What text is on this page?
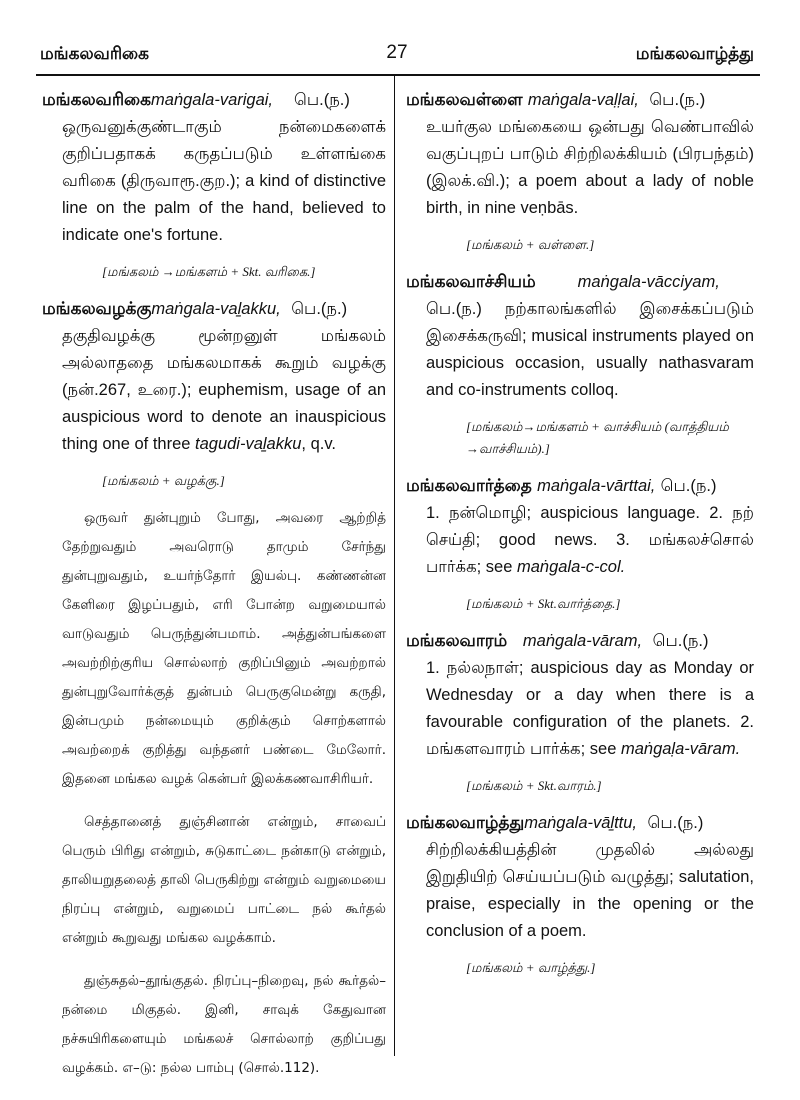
மங்கலவரிகை	27	மங்கலவாழ்த்து
மங்கலவரிகைmaṅgala-varigai, பெ.(ந.)
ஒருவனுக்குண்டாகும் நன்மைகளைக் குறிப்பதாகக் கருதப்படும் உள்ளங்கை வரிகை (திருவாரூ.குற.); a kind of distinctive line on the palm of the hand, believed to indicate one's fortune.
[மங்கலம் →மங்களம் + Skt. வரிகை.]
மங்கலவழக்குmaṅgala-vaḻakku, பெ.(ந.)
தகுதிவழக்கு மூன்றனுள் மங்கலம் அல்லாததை மங்கலமாகக் கூறும் வழக்கு (நன்.267, உரை.); euphemism, usage of an auspicious word to denote an inauspicious thing one of three tagudi-vaḻakku, q.v.
[மங்கலம் + வழக்கு.]

ஒருவர் துன்புறும் போது, அவரை ஆற்றித் தேற்றுவதும் அவரொடு தாமும் சேர்ந்து துன்புறுவதும், உயர்ந்தோர் இயல்பு. கண்ணன்ன கேளிரை இழப்பதும், எரி போன்ற வறுமையால் வாடுவதும் பெருந்துன்பமாம். அத்துன்பங்களை அவற்றிற்குரிய சொல்லாற் குறிப்பினும் அவற்றால் துன்புறுவோர்க்குத் துன்பம் பெருகுமென்று கருதி, இன்பமும் நன்மையும் குறிக்கும் சொற்களால் அவற்றைக் குறித்து வந்தனர் பண்டை மேலோர். இதனை மங்கல வழக் கென்பர் இலக்கணவாசிரியர்.

செத்தானைத் துஞ்சினான் என்றும், சாவைப் பெரும் பிரிது என்றும், சுடுகாட்டை நன்காடு என்றும், தாலியறுதலைத் தாலி பெருகிற்று என்றும் வறுமையை நிரப்பு என்றும், வறுமைப் பாட்டை நல் கூர்தல் என்றும் கூறுவது மங்கல வழக்காம்.

துஞ்சுதல்–தூங்குதல். நிரப்பு–நிறைவு, நல் கூர்தல்–நன்மை மிகுதல். இனி, சாவுக் கேதுவான நச்சுயிரிகளையும் மங்கலச் சொல்லாற் குறிப்பது வழக்கம். எ–டு: நல்ல பாம்பு (சொல்.112).

மங்கலவள்ளை maṅgala-vaḷḷai, பெ.(ந.)
உயர்குல மங்கையை ஒன்பது வெண்பாவில் வகுப்புறப் பாடும் சிற்றிலக்கியம் (பிரபந்தம்) (இலக்.வி.); a poem about a lady of noble birth, in nine veṇbās.
[மங்கலம் + வள்ளை.]
மங்கலவாச்சியம்	maṅgala-vācciyam,
பெ.(ந.) நற்காலங்களில் இசைக்கப்படும் இசைக்கருவி; musical instruments played on auspicious occasion, usually nathasvaram and co-instruments colloq.
[மங்கலம்→மங்களம் + வாச்சியம் (வாத்தியம் →வாச்சியம்).]
மங்கலவார்த்தை maṅgala-vārttai, பெ.(ந.)
1. நன்மொழி; auspicious language. 2. நற் செய்தி; good news. 3. மங்கலச்சொல் பார்க்க; see maṅgala-c-col.
[மங்கலம் + Skt.வார்த்தை.]
மங்கலவாரம் maṅgala-vāram, பெ.(ந.)
1. நல்லநாள்; auspicious day as Monday or Wednesday or a day when there is a favourable configuration of the planets. 2. மங்களவாரம் பார்க்க; see maṅgaḷa-vāram.
[மங்கலம் + Skt.வாரம்.]
மங்கலவாழ்த்துmaṅgala-vāḻttu, பெ.(ந.)
சிற்றிலக்கியத்தின் முதலில் அல்லது இறுதியிற் செய்யப்படும் வழுத்து; salutation, praise, especially in the opening or the conclusion of a poem.
[மங்கலம் + வாழ்த்து.]
